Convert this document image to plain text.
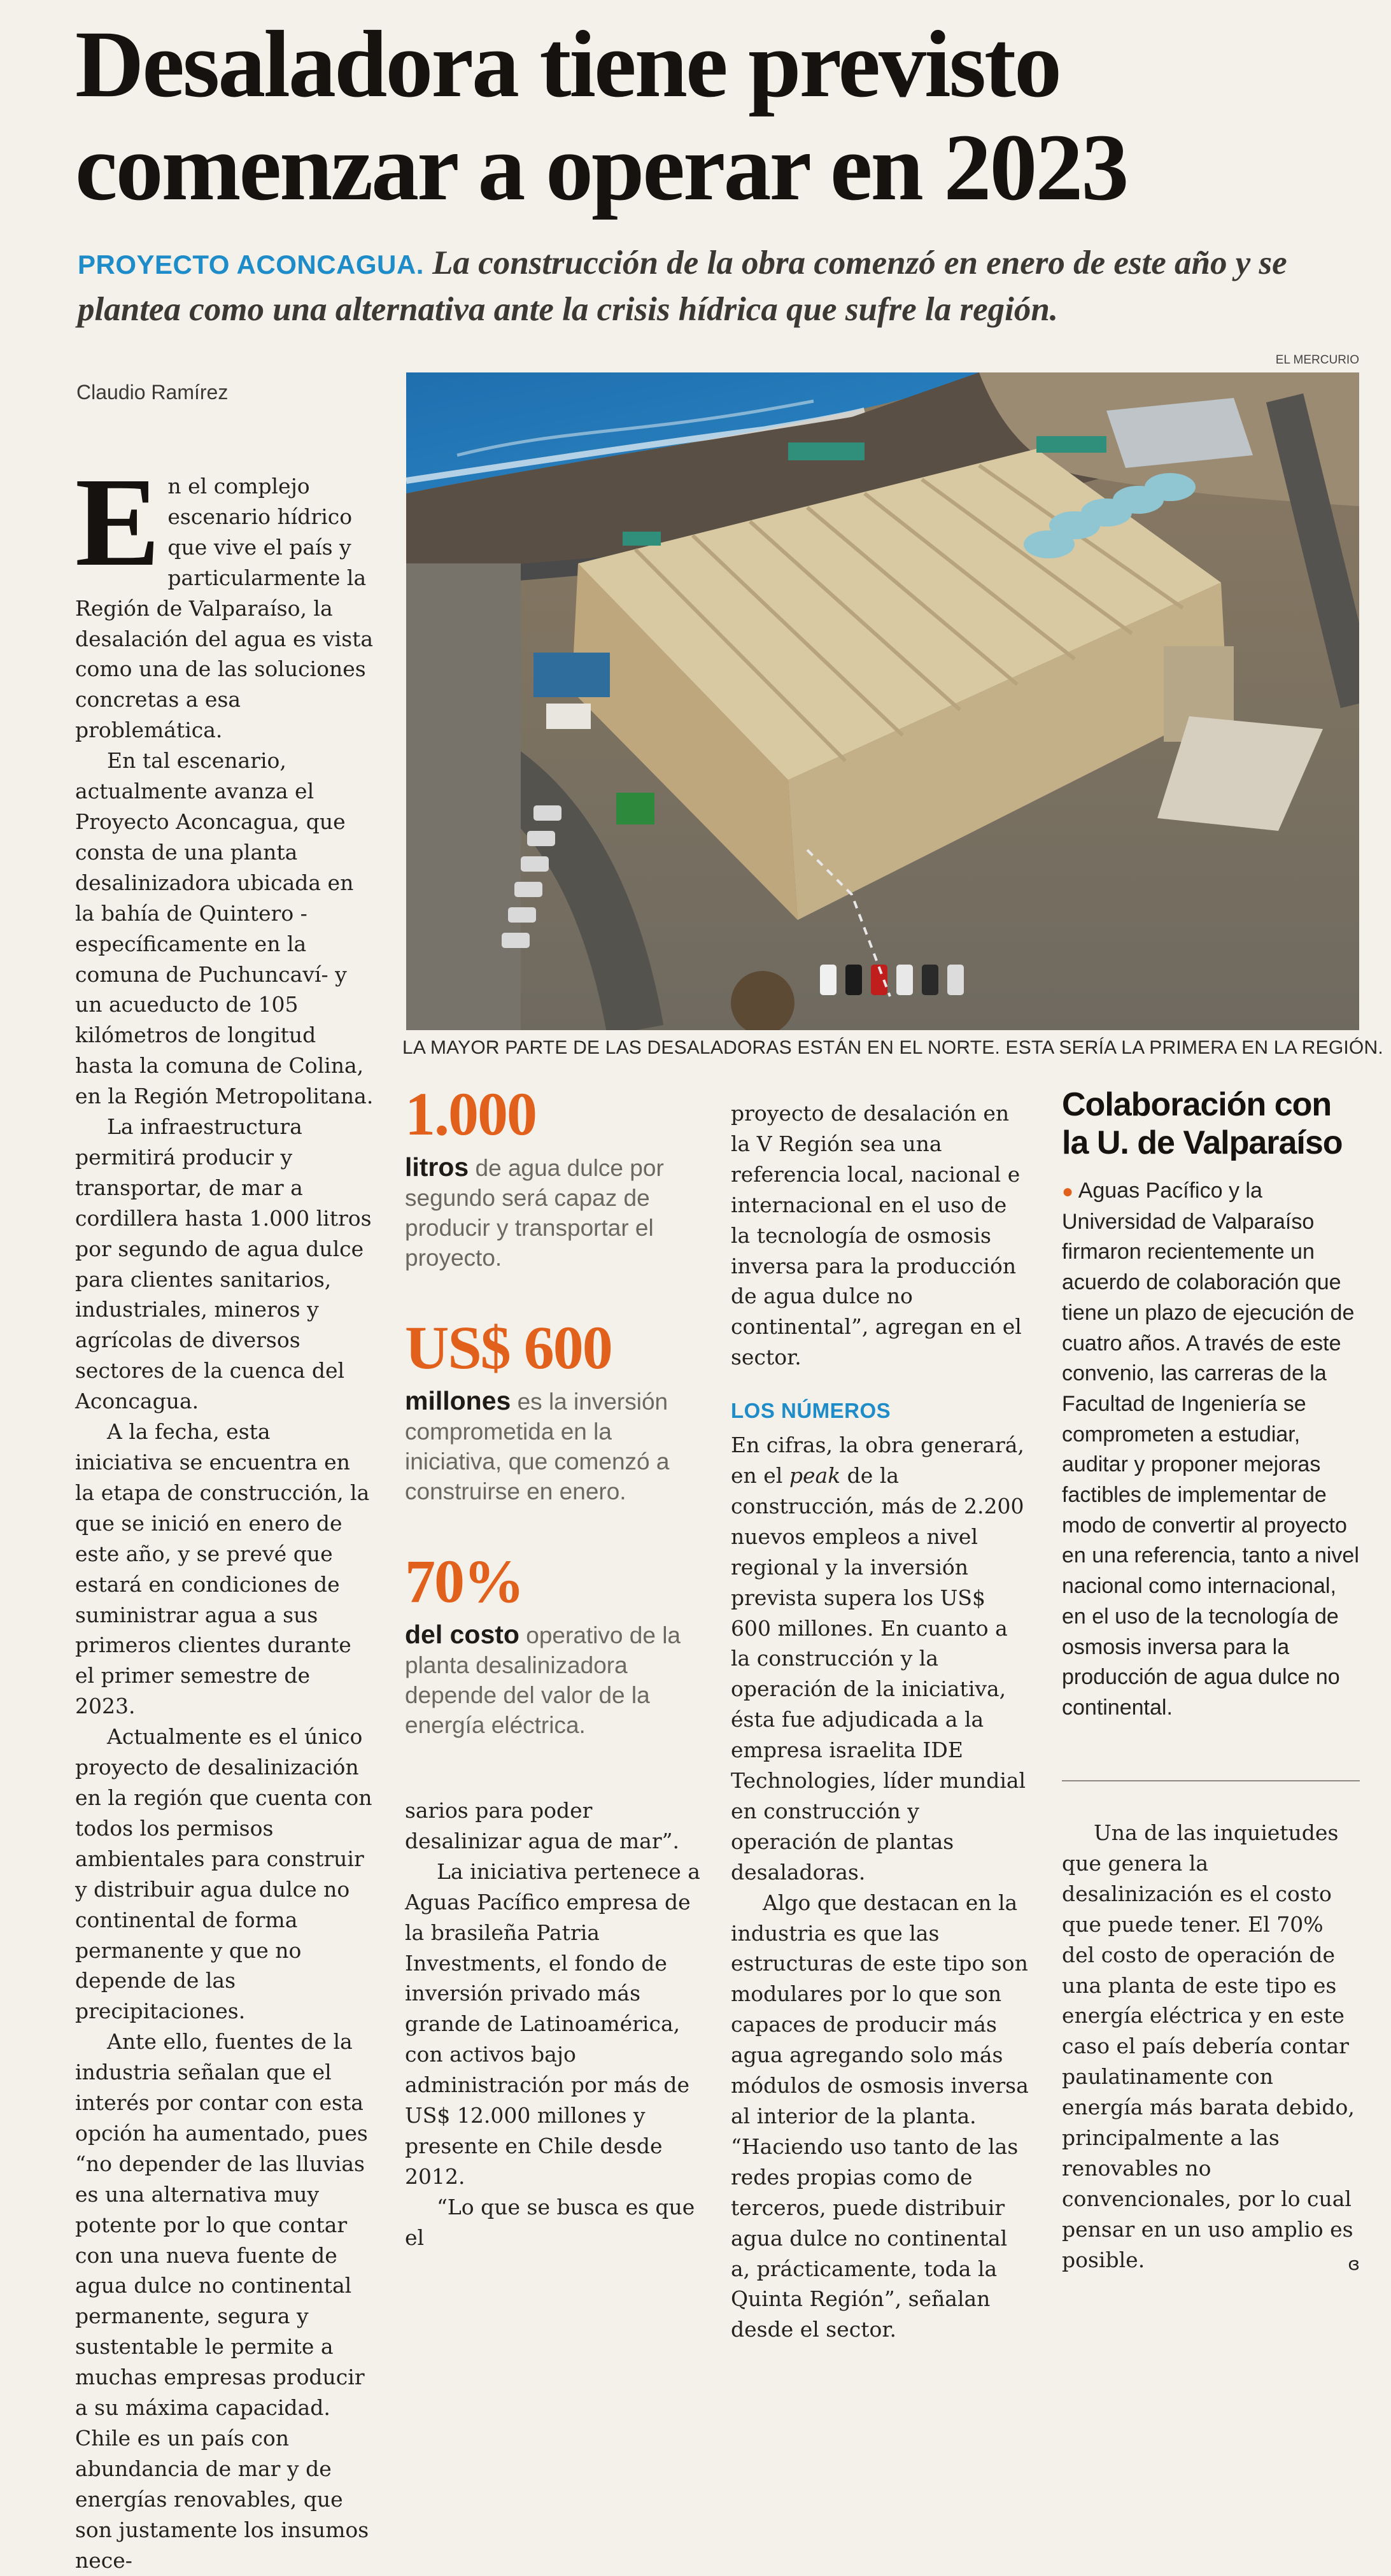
Desaladora tiene previsto
comenzar a operar en 2023

PROYECTO ACONCAGUA. La construcción de la obra comenzó en enero de este año y se plantea como una alternativa ante la crisis hídrica que sufre la región.

EL MERCURIO
Claudio Ramírez
LA MAYOR PARTE DE LAS DESALADORAS ESTÁN EN EL NORTE. ESTA SERÍA LA PRIMERA EN LA REGIÓN.

En el complejo escenario hídrico que vive el país y particularmente la Región de Valparaíso, la desalación del agua es vista como una de las soluciones concretas a esa problemática.

En tal escenario, actualmente avanza el Proyecto Aconcagua, que consta de una planta desalinizadora ubicada en la bahía de Quintero -específicamente en la comuna de Puchuncaví- y un acueducto de 105 kilómetros de longitud hasta la comuna de Colina, en la Región Metropolitana.

La infraestructura permitirá producir y transportar, de mar a cordillera hasta 1.000 litros por segundo de agua dulce para clientes sanitarios, industriales, mineros y agrícolas de diversos sectores de la cuenca del Aconcagua.

A la fecha, esta iniciativa se encuentra en la etapa de construcción, la que se inició en enero de este año, y se prevé que estará en condiciones de suministrar agua a sus primeros clientes durante el primer semestre de 2023.

Actualmente es el único proyecto de desalinización en la región que cuenta con todos los permisos ambientales para construir y distribuir agua dulce no continental de forma permanente y que no depende de las precipitaciones.

Ante ello, fuentes de la industria señalan que el interés por contar con esta opción ha aumentado, pues “no depender de las lluvias es una alternativa muy potente por lo que contar con una nueva fuente de agua dulce no continental permanente, segura y sustentable le permite a muchas empresas producir a su máxima capacidad. Chile es un país con abundancia de mar y de energías renovables, que son justamente los insumos nece-

1.000

litros de agua dulce por segundo será capaz de producir y transportar el proyecto.

US$ 600

millones es la inversión comprometida en la iniciativa, que comenzó a construirse en enero.

70%

del costo operativo de la planta desalinizadora depende del valor de la energía eléctrica.

sarios para poder desalinizar agua de mar”.

La iniciativa pertenece a Aguas Pacífico empresa de la brasileña Patria Investments, el fondo de inversión privado más grande de Latinoamérica, con activos bajo administración por más de US$ 12.000 millones y presente en Chile desde 2012.

“Lo que se busca es que el

proyecto de desalación en la V Región sea una referencia local, nacional e internacional en el uso de la tecnología de osmosis inversa para la producción de agua dulce no continental”, agregan en el sector.

LOS NÚMEROS

En cifras, la obra generará, en el peak de la construcción, más de 2.200 nuevos empleos a nivel regional y la inversión prevista supera los US$ 600 millones. En cuanto a la construcción y la operación de la iniciativa, ésta fue adjudicada a la empresa israelita IDE Technologies, líder mundial en construcción y operación de plantas desaladoras.

Algo que destacan en la industria es que las estructuras de este tipo son modulares por lo que son capaces de producir más agua agregando solo más módulos de osmosis inversa al interior de la planta. “Haciendo uso tanto de las redes propias como de terceros, puede distribuir agua dulce no continental a, prácticamente, toda la Quinta Región”, señalan desde el sector.

Colaboración con
la U. de Valparaíso

● Aguas Pacífico y la Universidad de Valparaíso firmaron recientemente un acuerdo de colaboración que tiene un plazo de ejecución de cuatro años. A través de este convenio, las carreras de la Facultad de Ingeniería se comprometen a estudiar, auditar y proponer mejoras factibles de implementar de modo de convertir al proyecto en una referencia, tanto a nivel nacional como internacional, en el uso de la tecnología de osmosis inversa para la producción de agua dulce no continental.

Una de las inquietudes que genera la desalinización es el costo que puede tener. El 70% del costo de operación de una planta de este tipo es energía eléctrica y en este caso el país debería contar paulatinamente con energía más barata debido, principalmente a las renovables no convencionales, por lo cual pensar en un uso amplio es posible.	ɞ
